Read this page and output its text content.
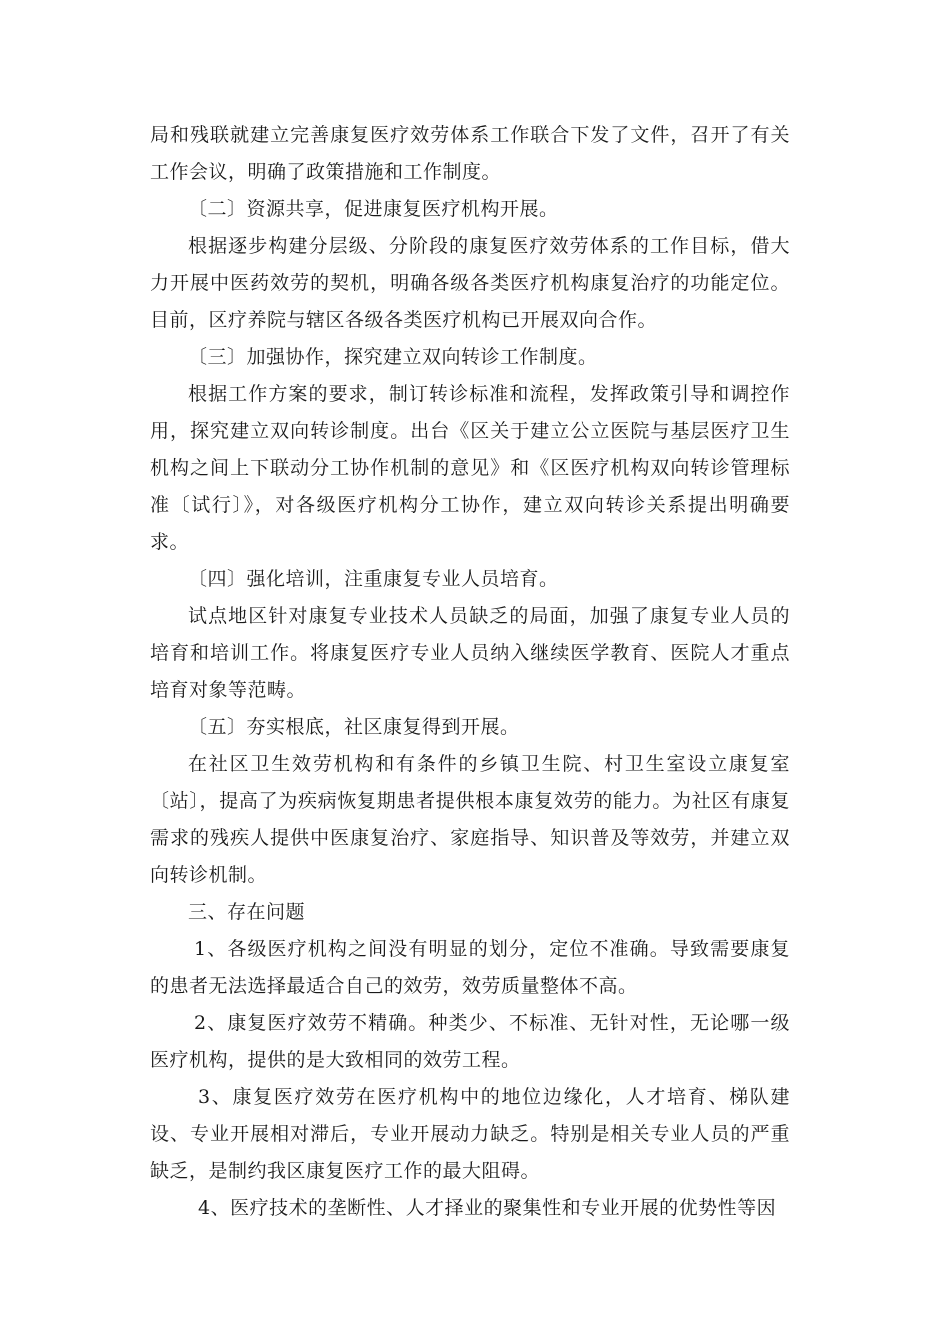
局和残联就建立完善康复医疗效劳体系工作联合下发了文件，召开了有关工作会议，明确了政策措施和工作制度。

〔二〕资源共享，促进康复医疗机构开展。

根据逐步构建分层级、分阶段的康复医疗效劳体系的工作目标，借大力开展中医药效劳的契机，明确各级各类医疗机构康复治疗的功能定位。目前，区疗养院与辖区各级各类医疗机构已开展双向合作。

〔三〕加强协作，探究建立双向转诊工作制度。

根据工作方案的要求，制订转诊标准和流程，发挥政策引导和调控作用，探究建立双向转诊制度。出台《区关于建立公立医院与基层医疗卫生机构之间上下联动分工协作机制的意见》和《区医疗机构双向转诊管理标准〔试行〕》，对各级医疗机构分工协作，建立双向转诊关系提出明确要求。

〔四〕强化培训，注重康复专业人员培育。

试点地区针对康复专业技术人员缺乏的局面，加强了康复专业人员的培育和培训工作。将康复医疗专业人员纳入继续医学教育、医院人才重点培育对象等范畴。

〔五〕夯实根底，社区康复得到开展。

在社区卫生效劳机构和有条件的乡镇卫生院、村卫生室设立康复室〔站〕，提高了为疾病恢复期患者提供根本康复效劳的能力。为社区有康复需求的残疾人提供中医康复治疗、家庭指导、知识普及等效劳，并建立双向转诊机制。

三、存在问题

1、各级医疗机构之间没有明显的划分，定位不准确。导致需要康复的患者无法选择最适合自己的效劳，效劳质量整体不高。

2、康复医疗效劳不精确。种类少、不标准、无针对性，无论哪一级医疗机构，提供的是大致相同的效劳工程。

3、康复医疗效劳在医疗机构中的地位边缘化，人才培育、梯队建设、专业开展相对滞后，专业开展动力缺乏。特别是相关专业人员的严重缺乏，是制约我区康复医疗工作的最大阻碍。

4、医疗技术的垄断性、人才择业的聚集性和专业开展的优势性等因
